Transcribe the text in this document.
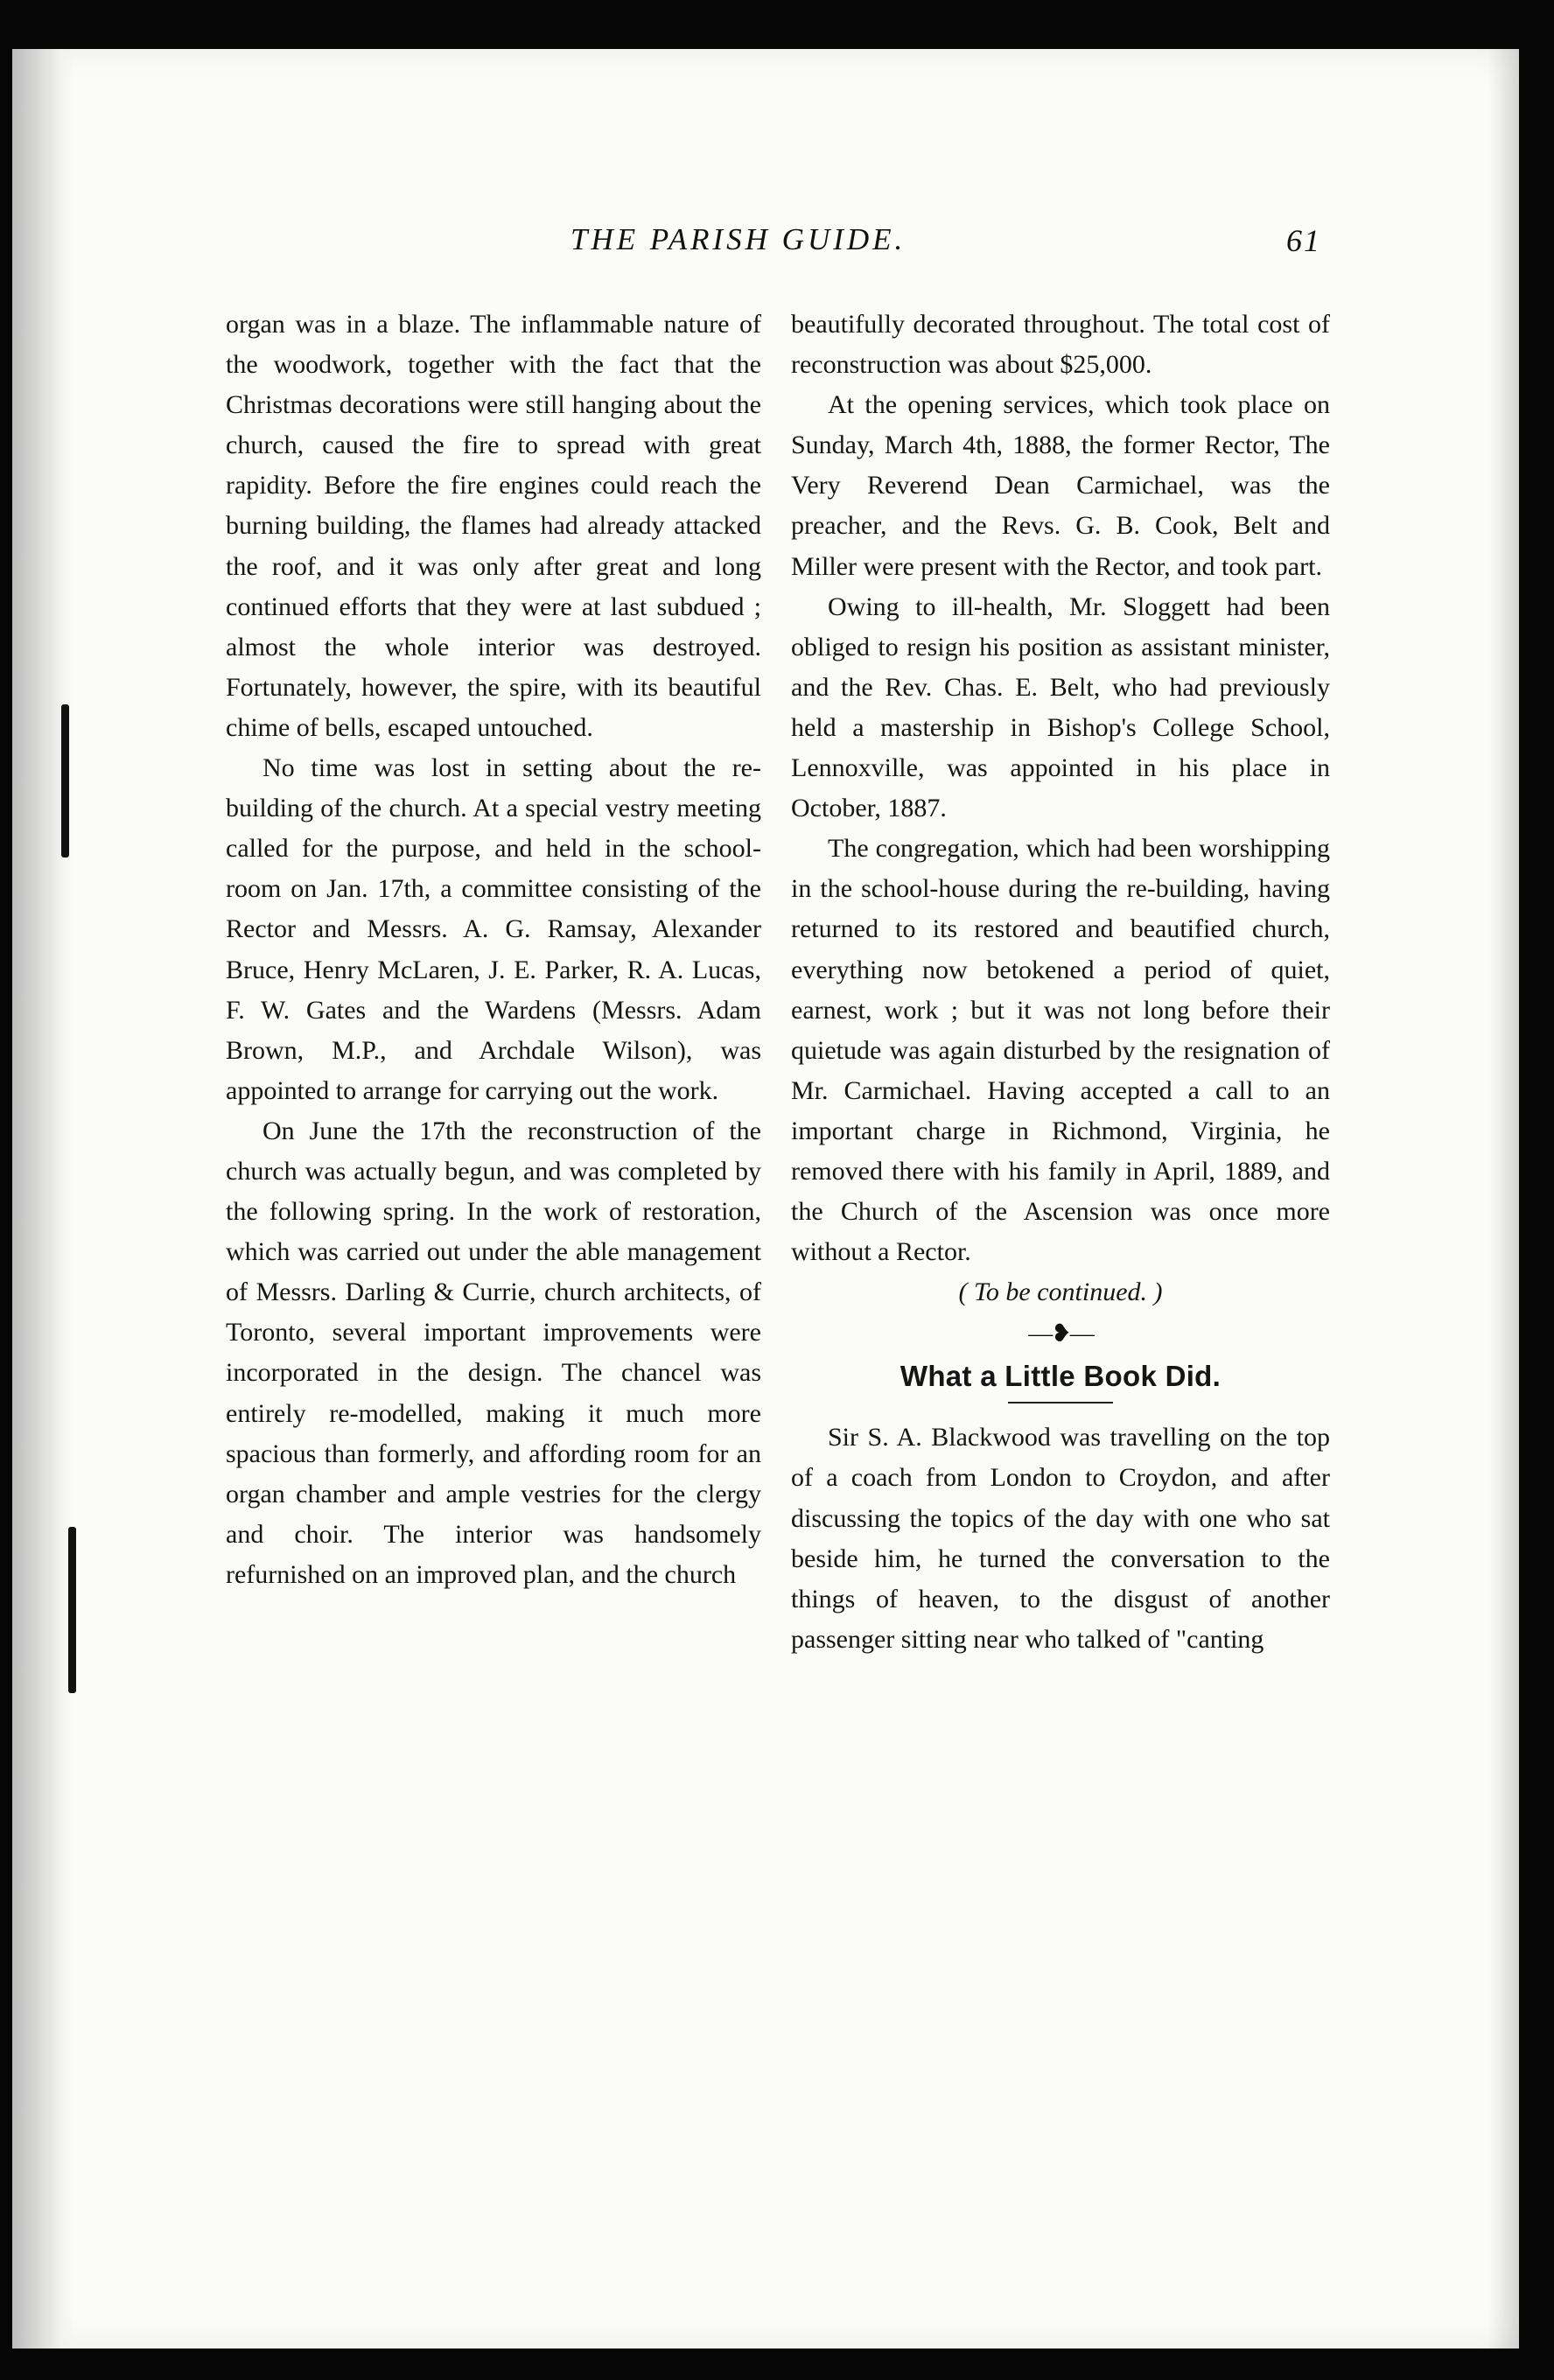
THE PARISH GUIDE.	61

organ was in a blaze. The inflammable nature of the woodwork, together with the fact that the Christmas decorations were still hanging about the church, caused the fire to spread with great rapidity. Before the fire engines could reach the burning building, the flames had already attacked the roof, and it was only after great and long continued efforts that they were at last subdued ; almost the whole interior was destroyed. Fortunately, however, the spire, with its beautiful chime of bells, escaped untouched.

No time was lost in setting about the re-building of the church. At a special vestry meeting called for the purpose, and held in the school-room on Jan. 17th, a committee consisting of the Rector and Messrs. A. G. Ramsay, Alexander Bruce, Henry McLaren, J. E. Parker, R. A. Lucas, F. W. Gates and the Wardens (Messrs. Adam Brown, M.P., and Archdale Wilson), was appointed to arrange for carrying out the work.

On June the 17th the reconstruction of the church was actually begun, and was completed by the following spring. In the work of restoration, which was carried out under the able management of Messrs. Darling & Currie, church architects, of Toronto, several important improvements were incorporated in the design. The chancel was entirely re-modelled, making it much more spacious than formerly, and affording room for an organ chamber and ample vestries for the clergy and choir. The interior was handsomely refurnished on an improved plan, and the church

beautifully decorated throughout. The total cost of reconstruction was about $25,000.

At the opening services, which took place on Sunday, March 4th, 1888, the former Rector, The Very Reverend Dean Carmichael, was the preacher, and the Revs. G. B. Cook, Belt and Miller were present with the Rector, and took part.

Owing to ill-health, Mr. Sloggett had been obliged to resign his position as assistant minister, and the Rev. Chas. E. Belt, who had previously held a mastership in Bishop's College School, Lennoxville, was appointed in his place in October, 1887.

The congregation, which had been worshipping in the school-house during the re-building, having returned to its restored and beautified church, everything now betokened a period of quiet, earnest, work ; but it was not long before their quietude was again disturbed by the resignation of Mr. Carmichael. Having accepted a call to an important charge in Richmond, Virginia, he removed there with his family in April, 1889, and the Church of the Ascension was once more without a Rector.

( To be continued. )

—❥—

What a Little Book Did.

Sir S. A. Blackwood was travelling on the top of a coach from London to Croydon, and after discussing the topics of the day with one who sat beside him, he turned the conversation to the things of heaven, to the disgust of another passenger sitting near who talked of "canting
